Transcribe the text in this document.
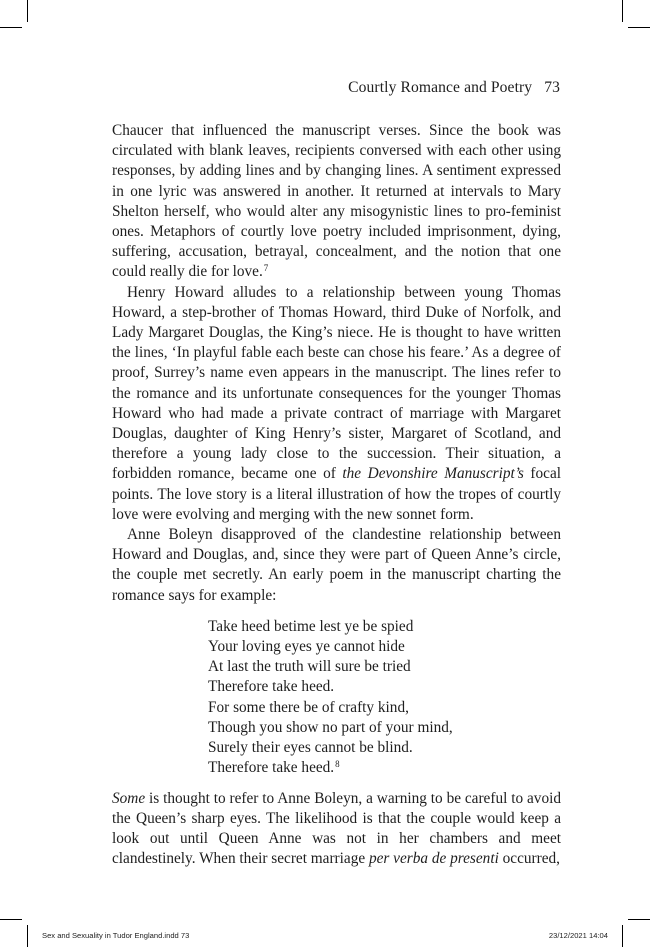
Courtly Romance and Poetry 73

Chaucer that influenced the manuscript verses. Since the book was circulated with blank leaves, recipients conversed with each other using responses, by adding lines and by changing lines. A sentiment expressed in one lyric was answered in another. It returned at intervals to Mary Shelton herself, who would alter any misogynistic lines to pro-feminist ones. Metaphors of courtly love poetry included imprisonment, dying, suffering, accusation, betrayal, concealment, and the notion that one could really die for love.$^7$

Henry Howard alludes to a relationship between young Thomas Howard, a step-brother of Thomas Howard, third Duke of Norfolk, and Lady Margaret Douglas, the King’s niece. He is thought to have written the lines, ‘In playful fable each beste can chose his feare.’ As a degree of proof, Surrey’s name even appears in the manuscript. The lines refer to the romance and its unfortunate consequences for the younger Thomas Howard who had made a private contract of marriage with Margaret Douglas, daughter of King Henry’s sister, Margaret of Scotland, and therefore a young lady close to the succession. Their situation, a forbidden romance, became one of the Devonshire Manuscript’s focal points. The love story is a literal illustration of how the tropes of courtly love were evolving and merging with the new sonnet form.

Anne Boleyn disapproved of the clandestine relationship between Howard and Douglas, and, since they were part of Queen Anne’s circle, the couple met secretly. An early poem in the manuscript charting the romance says for example:

Take heed betime lest ye be spied
Your loving eyes ye cannot hide
At last the truth will sure be tried
Therefore take heed.
For some there be of crafty kind,
Though you show no part of your mind,
Surely their eyes cannot be blind.
Therefore take heed.$^8$

Some is thought to refer to Anne Boleyn, a warning to be careful to avoid the Queen’s sharp eyes. The likelihood is that the couple would keep a look out until Queen Anne was not in her chambers and meet clandestinely. When their secret marriage per verba de presenti occurred,

Sex and Sexuality in Tudor England.indd 73	23/12/2021 14:04
